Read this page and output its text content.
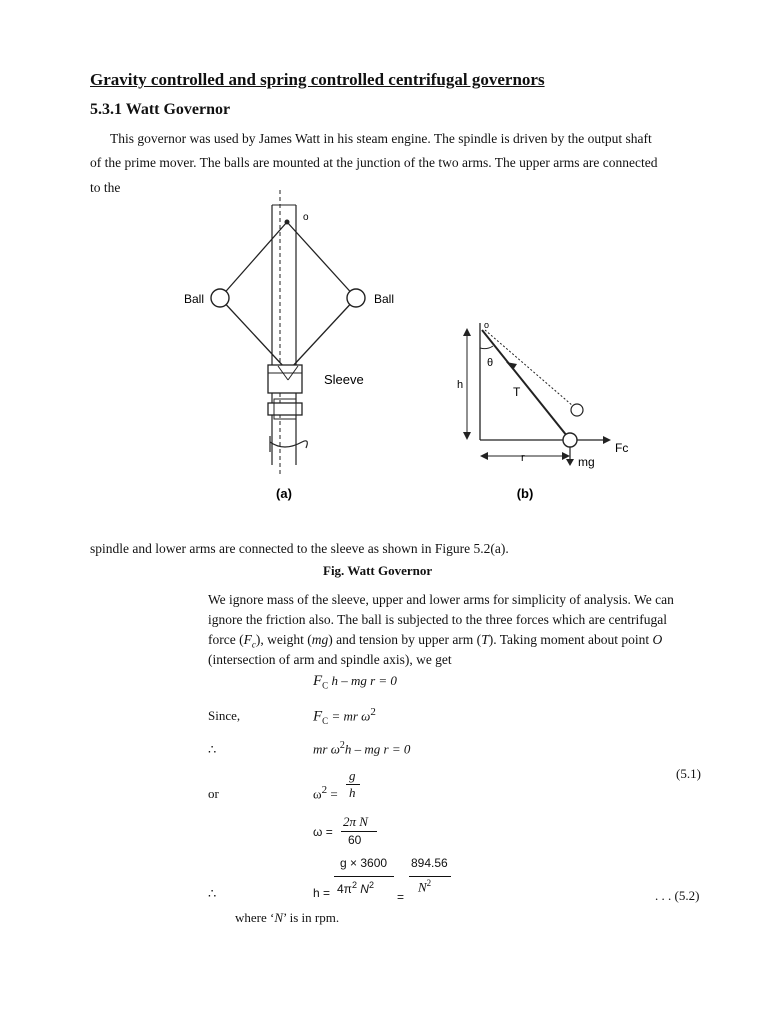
Gravity controlled and spring controlled centrifugal governors
5.3.1 Watt Governor
This governor was used by James Watt in his steam engine. The spindle is driven by the output shaft
of the prime mover. The balls are mounted at the junction of the two arms. The upper arms are connected
to the
o
Ball	Ball
Sleeve
(a)
o
θ
h	T
Fc
r	mg
(b)
spindle and lower arms are connected to the sleeve as shown in Figure 5.2(a).
Fig. Watt Governor
We ignore mass of the sleeve, upper and lower arms for simplicity of analysis. We can
ignore the friction also. The ball is subjected to the three forces which are centrifugal
force $(F_c)$, weight (mg) and tension by upper arm (T). Taking moment about point O
(intersection of arm and spindle axis), we get
$F_C$ h – mg r = 0
Since,	$F_C$ = mr $\omega^2$
∴	mr $\omega^2h$ – mg r = 0
or	$\omega^2$ =
g
h
(5.1)
ω =
2π N
60
∴	h =
g × 3600
$4\pi^2$ $N^2$
=
894.56
$N^2$
. . . (5.2)
where ‘N’ is in rpm.
